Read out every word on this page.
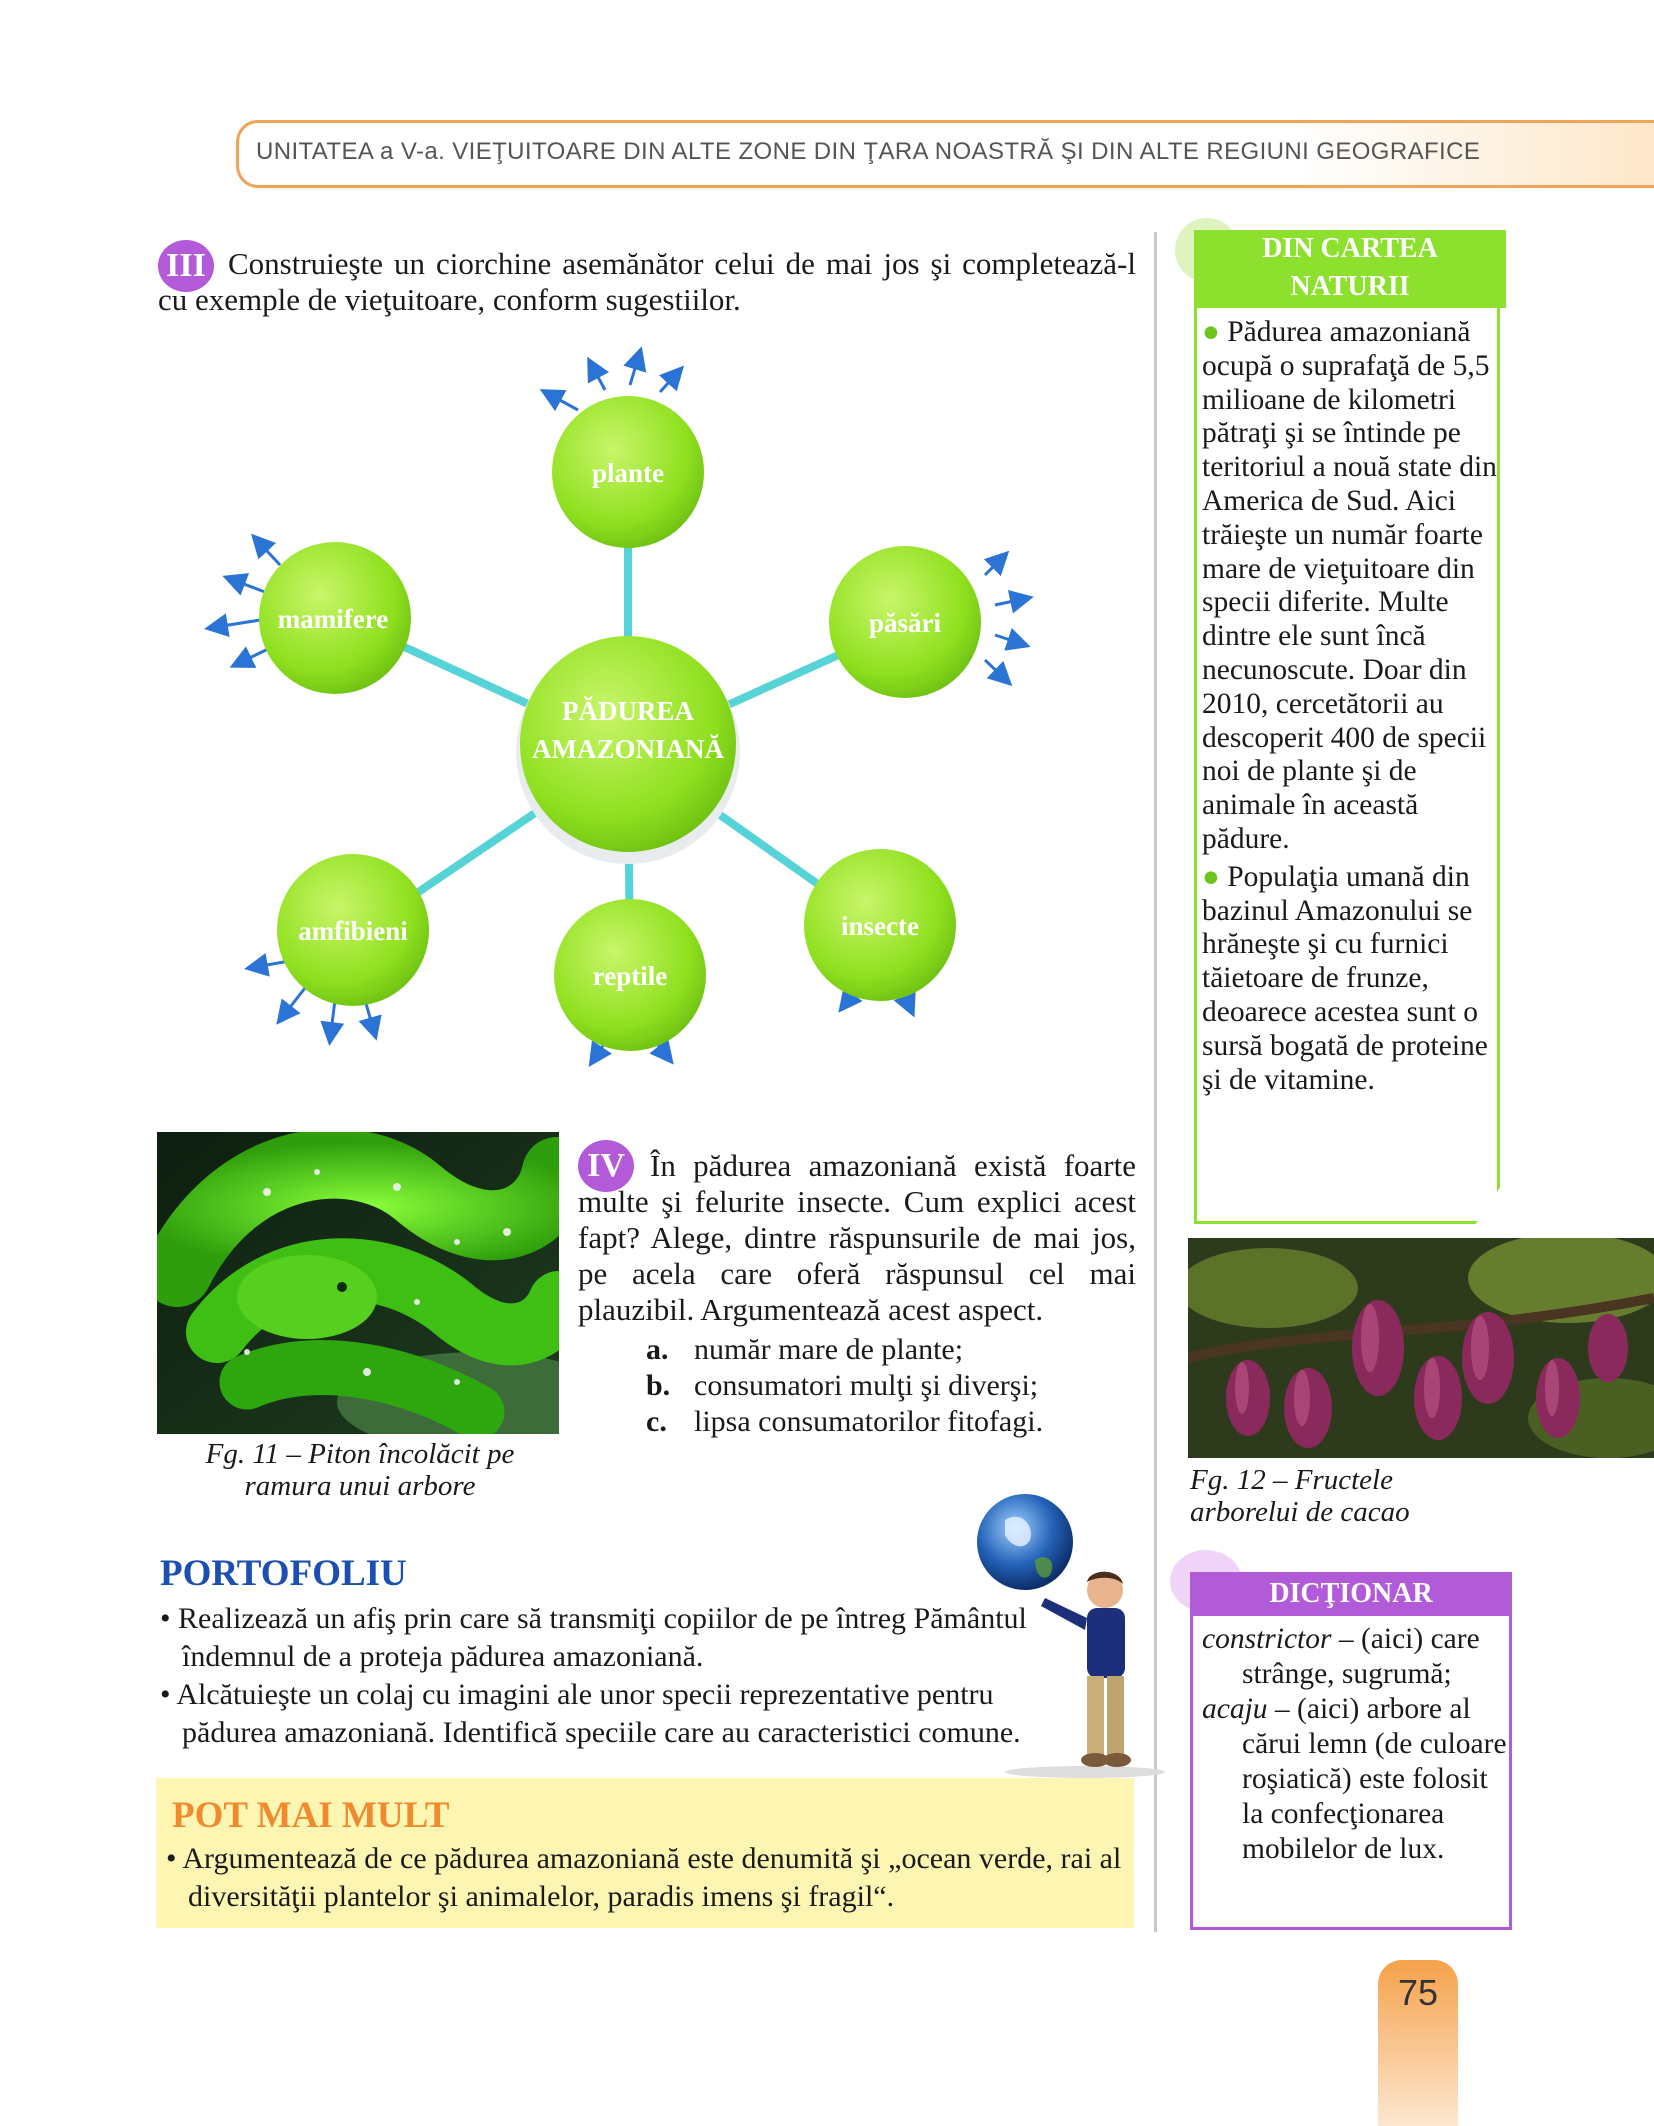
UNITATEA a V-a. VIEŢUITOARE DIN ALTE ZONE DIN ŢARA NOASTRĂ ŞI DIN ALTE REGIUNI GEOGRAFICE
III Construieşte un ciorchine asemănător celui de mai jos şi completează-l cu exemple de vieţuitoare, conform sugestiilor.
PĂDUREA
AMAZONIANĂ
plante
păsări
insecte
reptile
amfibieni
mamifere
Fg. 11 – Piton încolăcit pe
ramura unui arbore
IV În pădurea amazoniană există foarte multe şi felurite insecte. Cum explici acest fapt? Alege, dintre răspunsurile de mai jos, pe acela care oferă răspunsul cel mai plauzibil. Argumentează acest aspect.
a. număr mare de plante;
b. consumatori mulţi şi diverşi;
c. lipsa consumatorilor fitofagi.
PORTOFOLIU
• Realizează un afiş prin care să transmiţi copiilor de pe întreg Pământul îndemnul de a proteja pădurea amazoniană.
• Alcătuieşte un colaj cu imagini ale unor specii reprezentative pentru pădurea amazoniană. Identifică speciile care au caracteristici comune.
POT MAI MULT
• Argumentează de ce pădurea amazoniană este denumită şi „ocean verde, rai al diversităţii plantelor şi animalelor, paradis imens şi fragil“.
DIN CARTEA
NATURII
● Pădurea amazoniană ocupă o suprafaţă de 5,5 milioane de kilometri pătraţi şi se întinde pe teritoriul a nouă state din America de Sud. Aici trăieşte un număr foarte mare de vieţuitoare din specii diferite. Multe dintre ele sunt încă necunoscute. Doar din 2010, cercetătorii au descoperit 400 de specii noi de plante şi de animale în această pădure.
● Populaţia umană din bazinul Amazonului se hrăneşte şi cu furnici tăietoare de frunze, deoarece acestea sunt o sursă bogată de proteine şi de vitamine.
Fg. 12 – Fructele
arborelui de cacao
DICŢIONAR
constrictor – (aici) care strânge, sugrumă;
acaju – (aici) arbore al cărui lemn (de culoare roşiatică) este folosit la confecţionarea mobilelor de lux.
75
